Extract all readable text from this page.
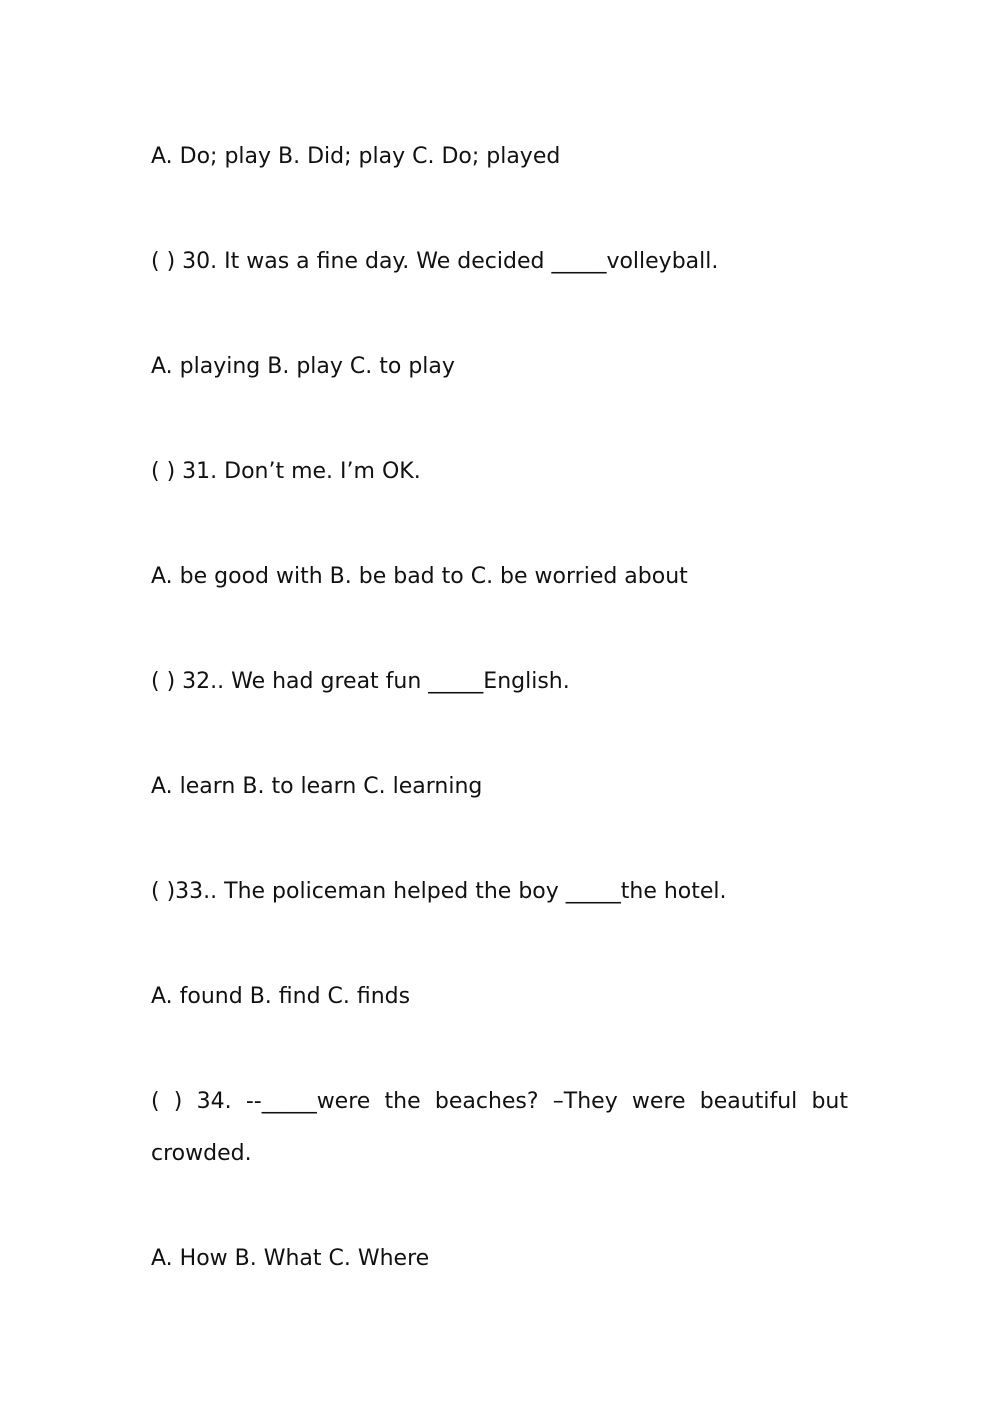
A. Do; play B. Did; play C. Do; played
( ) 30. It was a fine day. We decided _____volleyball.
A. playing B. play C. to play
( ) 31. Don’t me. I’m OK.
A. be good with B. be bad to C. be worried about
( ) 32.. We had great fun _____English.
A. learn B. to learn C. learning
( )33.. The policeman helped the boy _____the hotel.
A. found B. find C. finds
( ) 34. --_____were the beaches? –They were beautiful but
crowded.
A. How B. What C. Where
